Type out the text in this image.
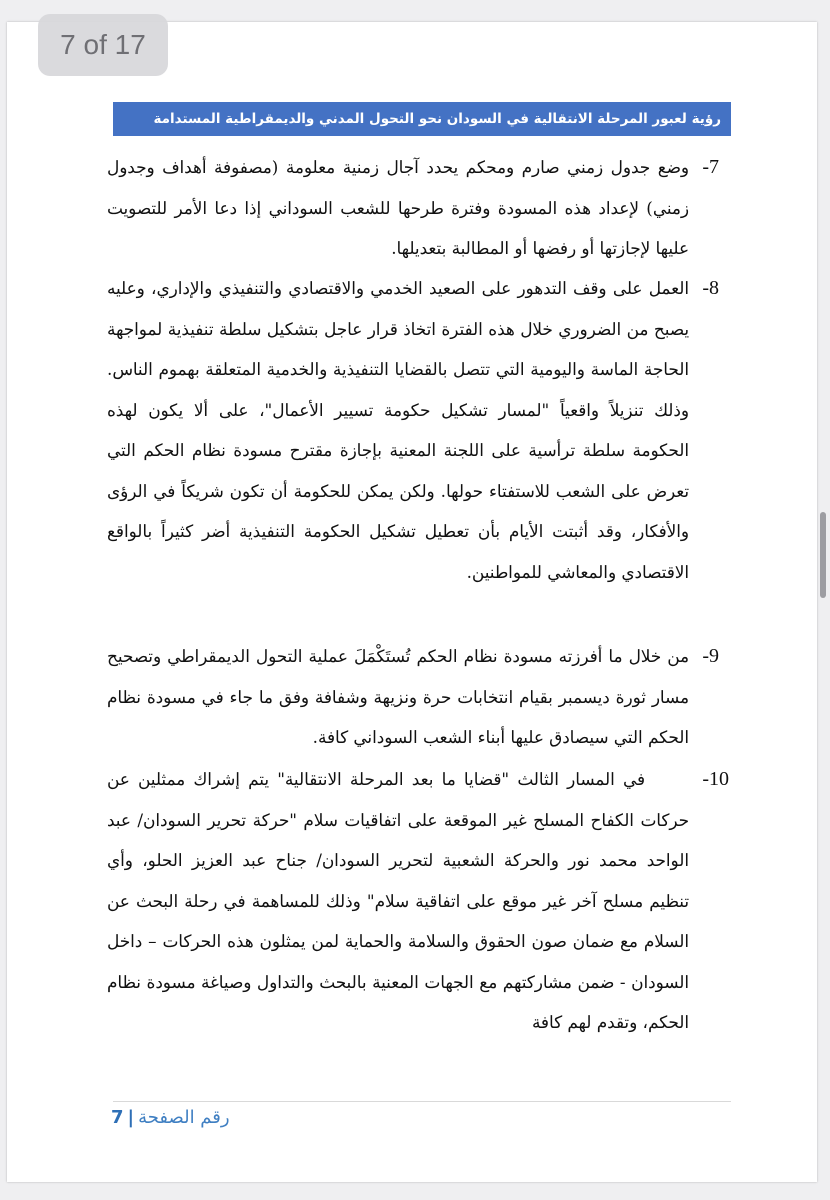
رؤية لعبور المرحلة الانتقالية في السودان نحو التحول المدني والديمقراطية المستدامة
-7
وضع جدول زمني صارم ومحكم يحدد آجال زمنية معلومة (مصفوفة أهداف وجدول زمني) لإعداد هذه المسودة وفترة طرحها للشعب السوداني إذا دعا الأمر للتصويت عليها لإجازتها أو رفضها أو المطالبة بتعديلها.
-8
العمل على وقف التدهور على الصعيد الخدمي والاقتصادي والتنفيذي والإداري، وعليه يصبح من الضروري خلال هذه الفترة اتخاذ قرار عاجل بتشكيل سلطة تنفيذية لمواجهة الحاجة الماسة واليومية التي تتصل بالقضايا التنفيذية والخدمية المتعلقة بهموم الناس. وذلك تنزيلاً واقعياً "لمسار تشكيل حكومة تسيير الأعمال"، على ألا يكون لهذه الحكومة سلطة ترأسية على اللجنة المعنية بإجازة مقترح مسودة نظام الحكم التي تعرض على الشعب للاستفتاء حولها. ولكن يمكن للحكومة أن تكون شريكاً في الرؤى والأفكار، وقد أثبتت الأيام بأن تعطيل تشكيل الحكومة التنفيذية أضر كثيراً بالواقع الاقتصادي والمعاشي للمواطنين.
-9
من خلال ما أفرزته مسودة نظام الحكم تُستَكْمَلَ عملية التحول الديمقراطي وتصحيح مسار ثورة ديسمبر بقيام انتخابات حرة ونزيهة وشفافة وفق ما جاء في مسودة نظام الحكم التي سيصادق عليها أبناء الشعب السوداني كافة.
-10
في المسار الثالث "قضايا ما بعد المرحلة الانتقالية" يتم إشراك ممثلين عن حركات الكفاح المسلح غير الموقعة على اتفاقيات سلام "حركة تحرير السودان/ عبد الواحد محمد نور والحركة الشعبية لتحرير السودان/ جناح عبد العزيز الحلو، وأي تنظيم مسلح آخر غير موقع على اتفاقية سلام" وذلك للمساهمة في رحلة البحث عن السلام مع ضمان صون الحقوق والسلامة والحماية لمن يمثلون هذه الحركات – داخل السودان - ضمن مشاركتهم مع الجهات المعنية بالبحث والتداول وصياغة مسودة نظام الحكم، وتقدم لهم كافة
رقم الصفحة|7
7 of 17
